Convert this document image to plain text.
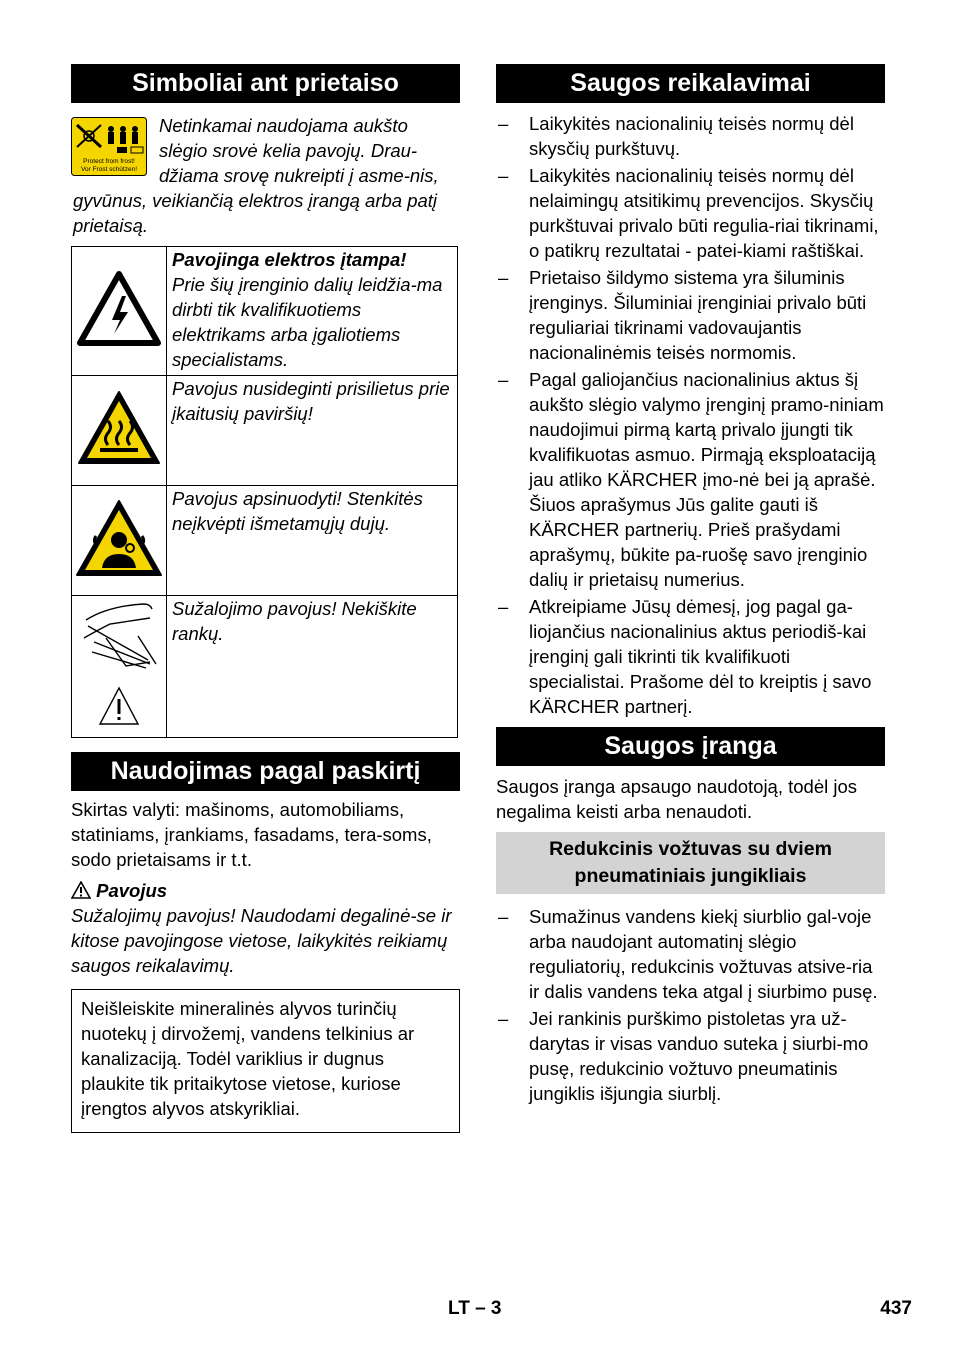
Simboliai ant prietaiso
Protect from frost!
Vor Frost schützen!

Netinkamai naudojama aukšto slėgio srovė kelia pavojų. Drau-džiama srovę nukreipti į asme-nis, gyvūnus, veikiančią elektros įrangą arba patį prietaisą.

Pavojinga elektros įtampa!
Prie šių įrenginio dalių leidžia-ma dirbti tik kvalifikuotiems elektrikams arba įgaliotiems specialistams.

Pavojus nusideginti prisilietus prie įkaitusių paviršių!

Pavojus apsinuodyti! Stenkitės neįkvėpti išmetamųjų dujų.

Sužalojimo pavojus! Nekiškite rankų.
Naudojimas pagal paskirtį

Skirtas valyti: mašinoms, automobiliams, statiniams, įrankiams, fasadams, tera-soms, sodo prietaisams ir t.t.

Pavojus

Sužalojimų pavojus! Naudodami degalinė-se ir kitose pavojingose vietose, laikykitės reikiamų saugos reikalavimų.

Neišleiskite mineralinės alyvos turinčių nuotekų į dirvožemį, vandens telkinius ar kanalizaciją. Todėl variklius ir dugnus plaukite tik pritaikytose vietose, kuriose įrengtos alyvos atskyrikliai.
Saugos reikalavimai
– Laikykitės nacionalinių teisės normų dėl skysčių purkštuvų.
– Laikykitės nacionalinių teisės normų dėl nelaimingų atsitikimų prevencijos. Skysčių purkštuvai privalo būti regulia-riai tikrinami, o patikrų rezultatai - patei-kiami raštiškai.
– Prietaiso šildymo sistema yra šiluminis įrenginys. Šiluminiai įrenginiai privalo būti reguliariai tikrinami vadovaujantis nacionalinėmis teisės normomis.
– Pagal galiojančius nacionalinius aktus šį aukšto slėgio valymo įrenginį pramo-niniam naudojimui pirmą kartą privalo įjungti tik kvalifikuotas asmuo. Pirmąją eksploataciją jau atliko KÄRCHER įmo-nė bei ją aprašė. Šiuos aprašymus Jūs galite gauti iš KÄRCHER partnerių. Prieš prašydami aprašymų, būkite pa-ruošę savo įrenginio dalių ir prietaisų numerius.
– Atkreipiame Jūsų dėmesį, jog pagal ga-liojančius nacionalinius aktus periodiš-kai įrenginį gali tikrinti tik kvalifikuoti specialistai. Prašome dėl to kreiptis į savo KÄRCHER partnerį.
Saugos įranga

Saugos įranga apsaugo naudotoją, todėl jos negalima keisti arba nenaudoti.

Redukcinis vožtuvas su dviem pneumatiniais jungikliais
– Sumažinus vandens kiekį siurblio gal-voje arba naudojant automatinį slėgio reguliatorių, redukcinis vožtuvas atsive-ria ir dalis vandens teka atgal į siurbimo pusę.
– Jei rankinis purškimo pistoletas yra už-darytas ir visas vanduo suteka į siurbi-mo pusę, redukcinio vožtuvo pneumatinis jungiklis išjungia siurblį.
LT – 3	437
